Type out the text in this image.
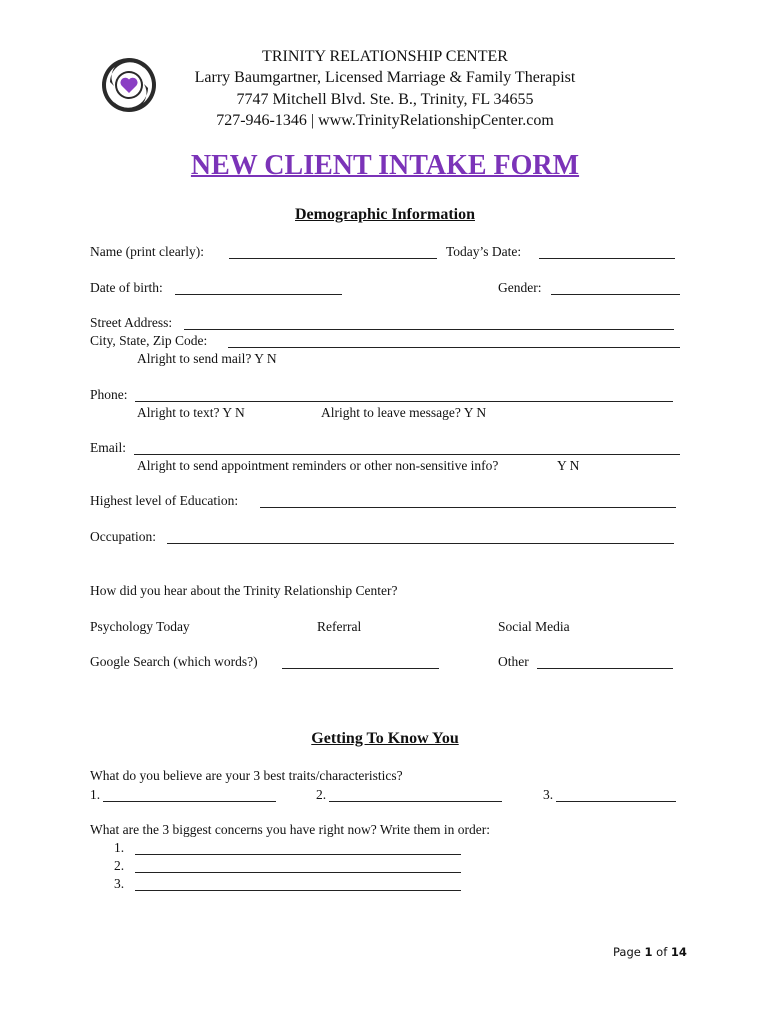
TRINITY RELATIONSHIP CENTER
Larry Baumgartner, Licensed Marriage & Family Therapist
7747 Mitchell Blvd. Ste. B., Trinity, FL 34655
727-946-1346 | www.TrinityRelationshipCenter.com
NEW CLIENT INTAKE FORM
Demographic Information
Name (print clearly):	Today’s Date:
Date of birth:	Gender:
Street Address:
City, State, Zip Code:
Alright to send mail? Y N
Phone:
Alright to text? Y N	Alright to leave message? Y N
Email:
Alright to send appointment reminders or other non-sensitive info?	Y N
Highest level of Education:
Occupation:
How did you hear about the Trinity Relationship Center?
Psychology Today	Referral	Social Media
Google Search (which words?)	Other
Getting To Know You
What do you believe are your 3 best traits/characteristics?
1.	2.	3.
What are the 3 biggest concerns you have right now? Write them in order:
1.
2.
3.
Page 1 of 14
